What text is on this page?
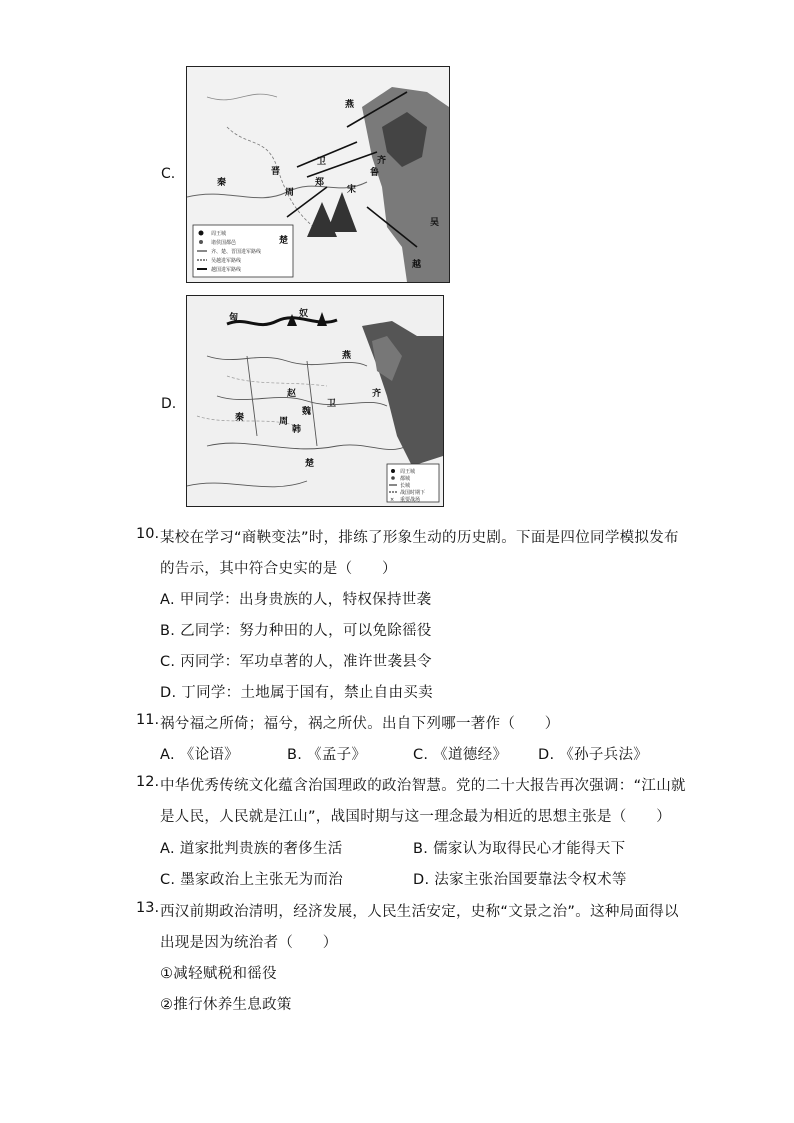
C.
周王城
诸侯国都邑
齐、楚、晋国进军路线
吴越进军路线
越国进军路线
秦
晋
卫
鲁
宋
周
郑
楚
越
吴
燕
齐
D.
×
周王城
都城
长城
战国时期下
重要战场
匈	奴
燕
赵
魏
齐
秦
韩
楚
周
卫
10. 某校在学习“商鞅变法”时，排练了形象生动的历史剧。下面是四位同学模拟发布
的告示，其中符合史实的是（　　）
A. 甲同学：出身贵族的人，特权保持世袭
B. 乙同学：努力种田的人，可以免除徭役
C. 丙同学：军功卓著的人，准许世袭县令
D. 丁同学：土地属于国有，禁止自由买卖
11. 祸兮福之所倚；福兮，祸之所伏。出自下列哪一著作（　　）
A. 《论语》	B. 《孟子》	C. 《道德经》 D. 《孙子兵法》
12. 中华优秀传统文化蕴含治国理政的政治智慧。党的二十大报告再次强调：“江山就
是人民，人民就是江山”，战国时期与这一理念最为相近的思想主张是（　　）
A. 道家批判贵族的奢侈生活	B. 儒家认为取得民心才能得天下
C. 墨家政治上主张无为而治	D. 法家主张治国要靠法令权术等
13. 西汉前期政治清明，经济发展，人民生活安定，史称“文景之治”。这种局面得以
出现是因为统治者（　　）
①减轻赋税和徭役
②推行休养生息政策
